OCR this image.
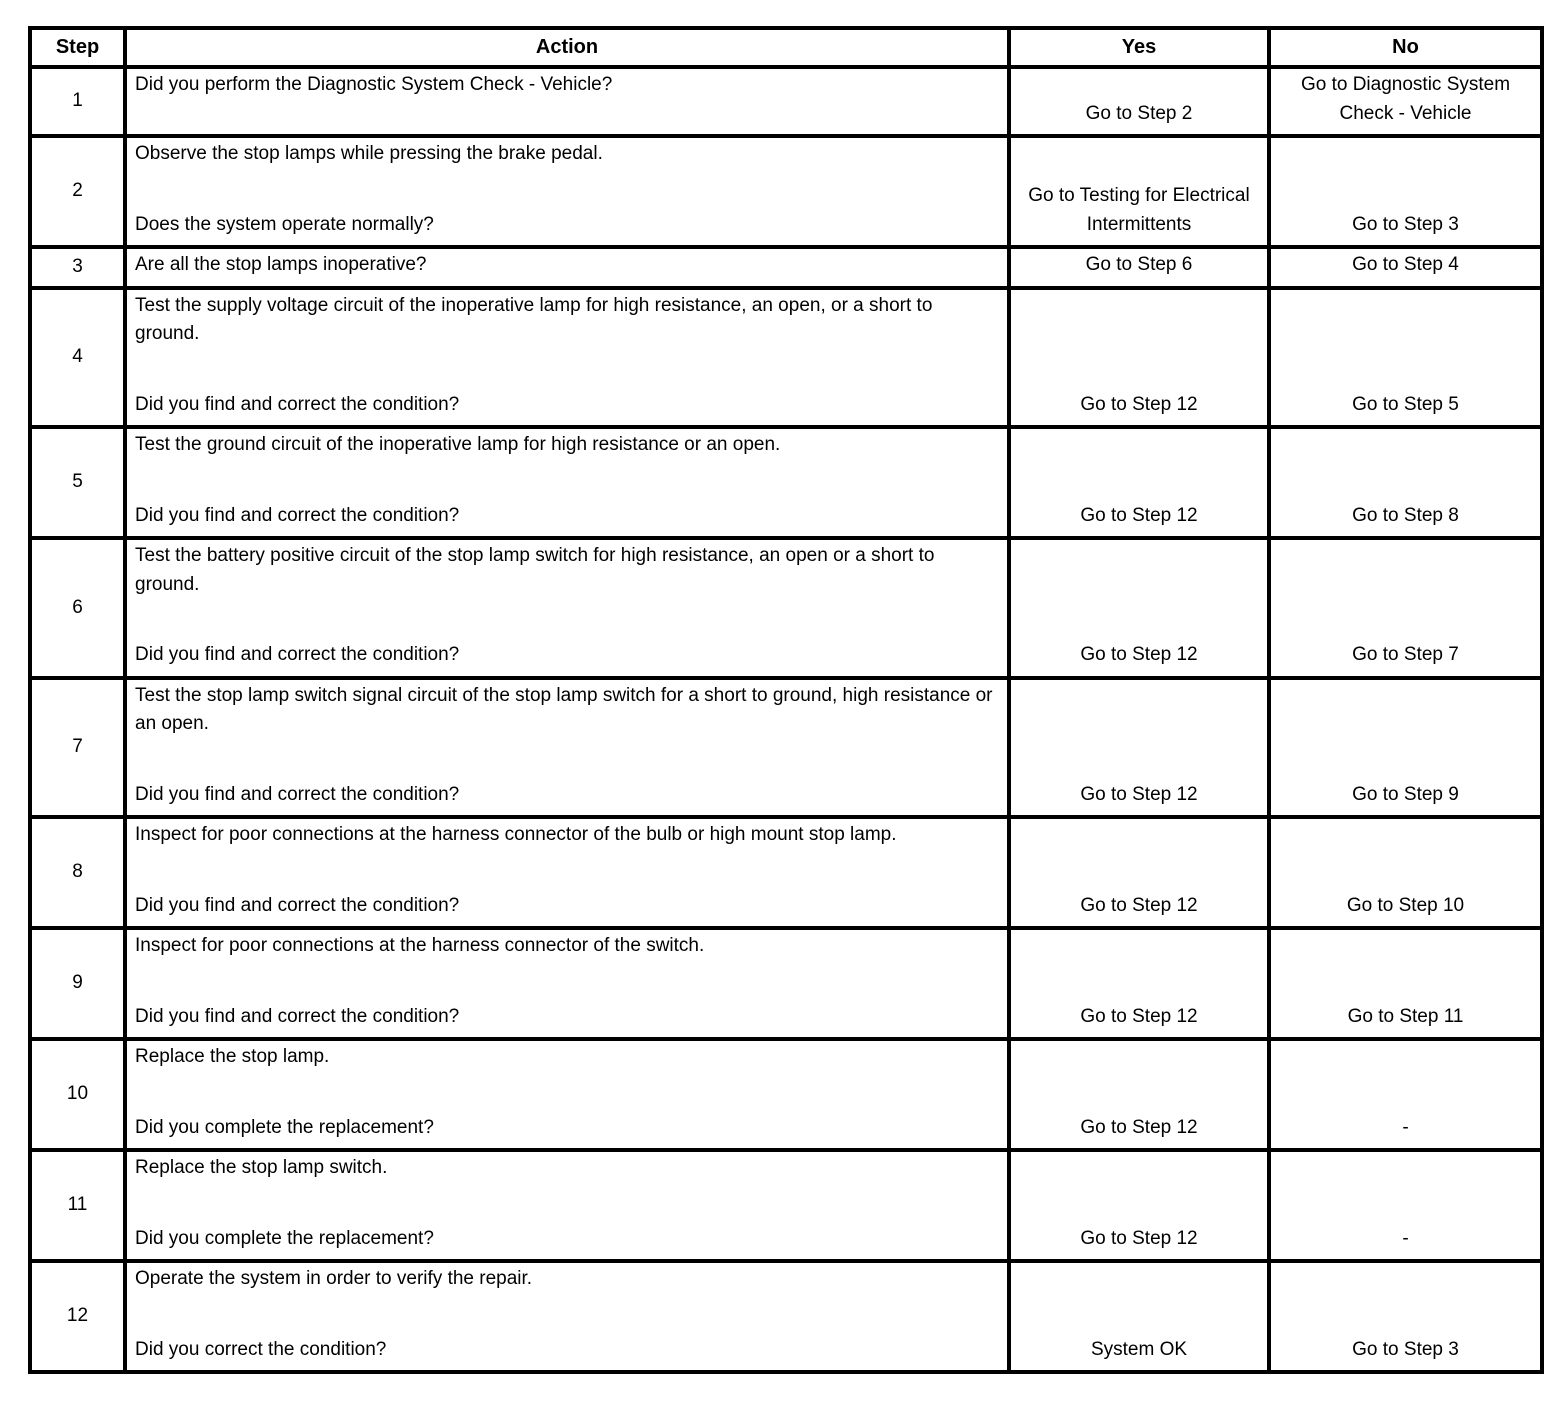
Step	Action	Yes	No
1	Did you perform the Diagnostic System Check - Vehicle?	Go to Step 2	Go to Diagnostic System Check - Vehicle
2	Observe the stop lamps while pressing the brake pedal.
Does the system operate normally?	Go to Testing for Electrical Intermittents	Go to Step 3
3	Are all the stop lamps inoperative?	Go to Step 6	Go to Step 4
4	Test the supply voltage circuit of the inoperative lamp for high resistance, an open, or a short to ground.
Did you find and correct the condition?	Go to Step 12	Go to Step 5
5	Test the ground circuit of the inoperative lamp for high resistance or an open.
Did you find and correct the condition?	Go to Step 12	Go to Step 8
6	Test the battery positive circuit of the stop lamp switch for high resistance, an open or a short to ground.
Did you find and correct the condition?	Go to Step 12	Go to Step 7
7	Test the stop lamp switch signal circuit of the stop lamp switch for a short to ground, high resistance or an open.
Did you find and correct the condition?	Go to Step 12	Go to Step 9
8	Inspect for poor connections at the harness connector of the bulb or high mount stop lamp.
Did you find and correct the condition?	Go to Step 12	Go to Step 10
9	Inspect for poor connections at the harness connector of the switch.
Did you find and correct the condition?	Go to Step 12	Go to Step 11
10	Replace the stop lamp.
Did you complete the replacement?	Go to Step 12	-
11	Replace the stop lamp switch.
Did you complete the replacement?	Go to Step 12	-
12	Operate the system in order to verify the repair.
Did you correct the condition?	System OK	Go to Step 3
